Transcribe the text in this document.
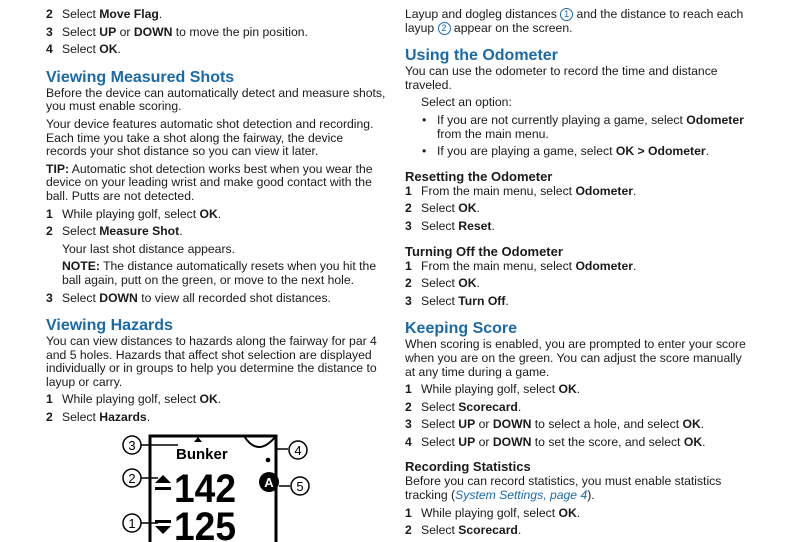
2 Select Move Flag.
3 Select UP or DOWN to move the pin position.
4 Select OK.
Viewing Measured Shots

Before the device can automatically detect and measure shots, you must enable scoring.

Your device features automatic shot detection and recording. Each time you take a shot along the fairway, the device records your shot distance so you can view it later.

TIP: Automatic shot detection works best when you wear the device on your leading wrist and make good contact with the ball. Putts are not detected.

1 While playing golf, select OK.
2 Select Measure Shot.

Your last shot distance appears.

NOTE: The distance automatically resets when you hit the ball again, putt on the green, or move to the next hole.

3 Select DOWN to view all recorded shot distances.
Viewing Hazards

You can view distances to hazards along the fairway for par 4 and 5 holes. Hazards that affect shot selection are displayed individually or in groups to help you determine the distance to layup or carry.

1 While playing golf, select OK.
2 Select Hazards.
Bunker
142
125
A
3
2
1
4
5

Layup and dogleg distances 1 and the distance to reach each
layup 2 appear on the screen.

Using the Odometer

You can use the odometer to record the time and distance traveled.

Select an option:

• If you are not currently playing a game, select Odometer from the main menu.
• If you are playing a game, select OK > Odometer.
Resetting the Odometer
1 From the main menu, select Odometer.
2 Select OK.
3 Select Reset.
Turning Off the Odometer
1 From the main menu, select Odometer.
2 Select OK.
3 Select Turn Off.
Keeping Score

When scoring is enabled, you are prompted to enter your score when you are on the green. You can adjust the score manually at any time during a game.

1 While playing golf, select OK.
2 Select Scorecard.
3 Select UP or DOWN to select a hole, and select OK.
4 Select UP or DOWN to set the score, and select OK.
Recording Statistics

Before you can record statistics, you must enable statistics tracking (System Settings, page 4).

1 While playing golf, select OK.
2 Select Scorecard.
